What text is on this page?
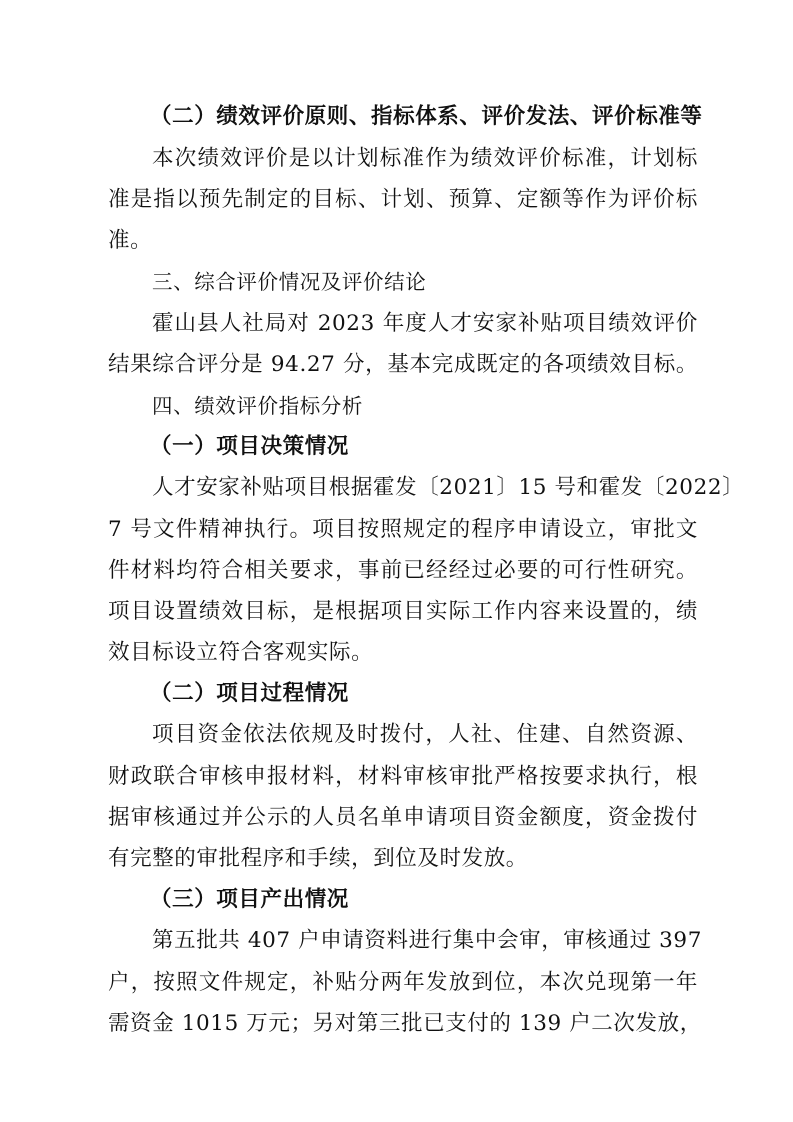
（二）绩效评价原则、指标体系、评价发法、评价标准等
本次绩效评价是以计划标准作为绩效评价标准，计划标
准是指以预先制定的目标、计划、预算、定额等作为评价标
准。
三、综合评价情况及评价结论
霍山县人社局对 2023 年度人才安家补贴项目绩效评价
结果综合评分是 94.27 分，基本完成既定的各项绩效目标。
四、绩效评价指标分析
（一）项目决策情况
人才安家补贴项目根据霍发〔2021〕15 号和霍发〔2022〕
7 号文件精神执行。项目按照规定的程序申请设立，审批文
件材料均符合相关要求，事前已经经过必要的可行性研究。
项目设置绩效目标，是根据项目实际工作内容来设置的，绩
效目标设立符合客观实际。
（二）项目过程情况
项目资金依法依规及时拨付，人社、住建、自然资源、
财政联合审核申报材料，材料审核审批严格按要求执行，根
据审核通过并公示的人员名单申请项目资金额度，资金拨付
有完整的审批程序和手续，到位及时发放。
（三）项目产出情况
第五批共 407 户申请资料进行集中会审，审核通过 397
户，按照文件规定，补贴分两年发放到位，本次兑现第一年
需资金 1015 万元；另对第三批已支付的 139 户二次发放，
